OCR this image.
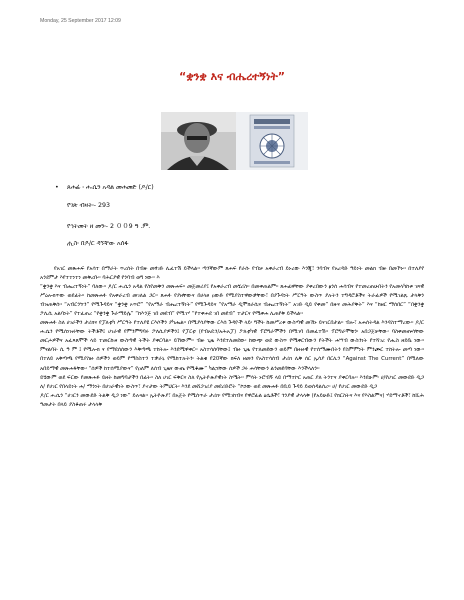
Monday, 25 September 2017 12:09
“ቋንቋ እና ብሔረተኝነት”
• ጸሐፊ ፡ ሑሴን አዳል መሐመድ (ዶ/ር)
የገጽ ብዛት፡- 293
የኅትመት ዘ መን፡- 2 ００9 ዓ .ም.
ሒስ፡ በዶ/ር ዳኘቸው አሰፋ

የአገር መጽሐፍ የአሳተ በማራት ጥረሰት በብዙ መፃገድ ሊፈተሽ ይችላል፡፡ ጣንኛውም ጸሐፍ የራሱ የብቻ አቀራረብ ይኑረው እንጂ፣ ንባብና የአረዳድ ዓይነት መልክ ብዙ በመኾኑ፡፡ በተለያየ አንደምታ እየተተነተነ መቅረቡ፡፡ ባሕርያዊ የንባብ ወግ ነው፡፡ እ

“ቋንቋ እና ብሔረተኝነት” ባለው፡፡ ዶ/ር ሑሴን አዳል የስየመቅን መጽሐፍ፡፡ መጀመሪያ፤ የአቀራረብ መሄሪስ፡፡ በመቀጠልም፡፡ ጸሐፊዋቸው ያቀረበውን ፅንሰ ሐሳብና የተመረጠሁበትን የአመላካከቱ ገጻዊ ሥዕሎክጥው ወደፊት፡፡ ከመጽሐፉ የአቀራረብ መገለል ጋር፡፡ ጸሐፉ የያዘቸውና በሀላፀ ዐውድ የሚያስተዋውቃቸው፣ በያጉዳነት ሥርዓት ውስጥ ያሉትን ተግዳሮቶችና ትራፊዎች የሚገልጹ ታላቅን ብዝጠቅሰ፡፡ “አብርንኘን” የሚጉዳይና “ቋንቋ ኦጥሮ” “የአማራ ብሔረተኝነት” የሚጉዳይና “የአማራ ዲሞክራሲና ብሔረተኝነት” አገድ ዲይ የቀመ” በዙና መሕያቅት” እና “ከዘር ማሰበር” “በቋንቋ ፖሊሲ አልባነት” የተፈጠረ “የቋንቋ ጉራማይሌ” “ከእንጅ ገበ መደብ” የሚገሃ “የተቀሐደ ገበ መደብ” ተታርና የሚቀሐ ሊጠየቅ ይችላል፡፡

መጽሐፉ ስለ ሀገራችን ታሪክና የፓለቲካ ሥርዓት የተለያዩ ርእሶችን ያካሔል፡፡ በሚያሳያቸው ርእሰ ጉዳዮች ላይ፡ ግችት ከመሥረቱ ውስጣዊ መኸኑ ይናገርበታል፡፡ ብሎ፣ አሐሰትዳል እንዳስተማረው፡፡ ዶ/ር ሑሴን የሚሰነዝሩቸው ትችቶች፤ ሀገራዊ የምንምግባሩ ፖለሲያዎችን፤ የፓርቲ (የብአዴን/አሕአፓ) ፖለቲካዊ ፕሮግራሞችን በሚገባ በመፈተሽ፡፡ ፕሮግራሞቹን፡ አበጋጀቻቸው፡ ባስቀመጡሳቸው መርሖዎችና አፈጻጸሞች ላይ ተመርኩዞ ውስጣዊ ትችት ያቀርባል፡፡ ይኸውም፡፡ ብዙ ጊዜ እንደተለመደው፡ ከውጭ ወደ ውስጥ የሚቀርብውን የትችት ሐሣብ ውስንነት የተሻገረ የሒስ ዘይቤ ነው፡፡ ምናልባት ሲ ዓ ም ፤ የሚሎክ ና የማደሰሰውን እቅጣጫ ተከትሎ እንደሚዋቀር፡፡ አስተሳሰባቸው፤ ብዙ ጊዜ የተለመደውን ወይም በዙዙዊ የተሰማሙበትን የስምምነት ምንጮር ተከትሎ መጣ ነው፡፡ በተለይ አቅጣጫ የሚያስዙ ሰዎችን ወይም የማስስተን ተቃራኒ የሚከተሉትን፡ ትልቁ የ20ኛው ክፍለ ዘመን የአስተሳሰብ ታሪክ ሊቅ ሰር ኢሳያ በርሊን “Against The Current” በሚለው አበይማዊ መጽሐፋቸው፡ “ሰዎች ከተሰሚያውና” የዐለም ለሰብ ጊዜና ውጤ የሚቆሙ” ካልኋቸው ሰዎች ጋሩ ሐሳቸውን ልንመደባቸው እንችላለን፡፡

ይሄውም ወደ ፍርው የመጽሐፉ ይዘት ከመግባታችን በፊት፡፡ ስለ ሀገር ፍቅርና ስለ የኢትዮጵያዊነት ስሜት፡፡ ምሳት ኑሮብኝ ላይ በማተኮር አጠር ያለ ትንተና ያቀርባሉ፡፡ እንደሁም፡ ሀ/የሀገር መውደድ ዲጋ ለ/ የሀገር የበላይነት ሐ/ ማንነት በሀገራዊነት ውስጥ፣ ያኖታው ትምህርት፡ እንደ መሸጋገሪያ መደሪድሮት “ኮኃው ወደ መጽሐፉ በቢይ ጉዳይ ይወሰዳልሰረ፡፡ ሀ/ የሀገር መውደድ ዲጋ

ዶ/ር ሑሴን “ሀገርን መውደድ ትልቅ ዲጋ ነው” ይሉናል፡፡ ኢትዮጵያ፣ በአጀት የሚሰጥራ ታሪክ፡ የሚገከብና የዋሮፊል ዕሴቶች፣ ጎንያዊ ታላላቅ (የአይሁድ፤ የክርስትና እና የእስልምና) ሃይማኖቶች፣ ከሺሕ ዓመታት በላይ ያስቆጠሩ ታላላቅ
